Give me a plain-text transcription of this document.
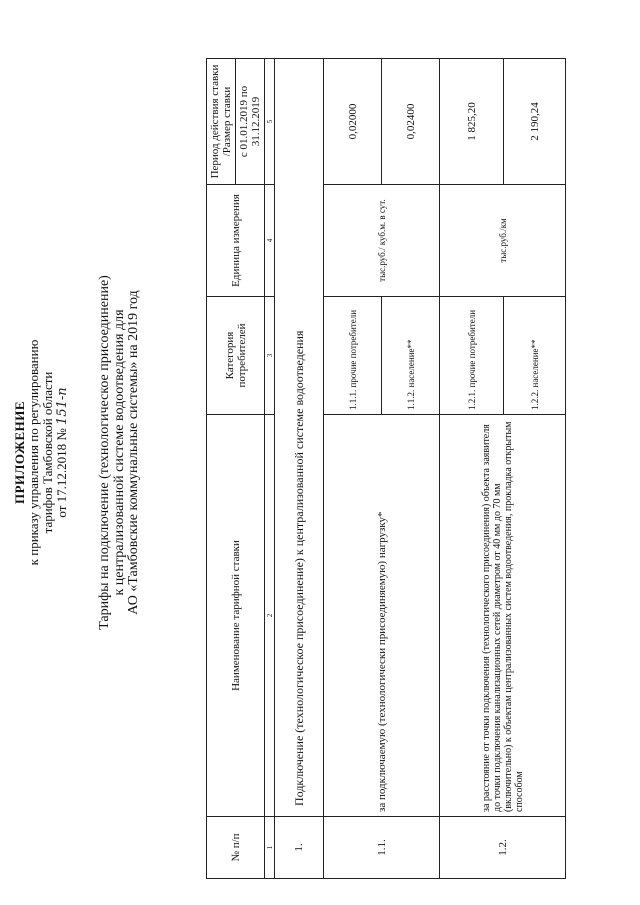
ПРИЛОЖЕНИЕ к приказу управления по регулированию тарифов Тамбовской области от 17.12.2018 № 151-п Тарифы на подключение (технологическое присоединение) к централизованной системе водоотведения для АО «Тамбовские коммунальные системы» на 2019 год
№ п/п	Наименование тарифной ставки	Категория потребителей	Единица измерения	Период действия ставки /Размер ставки
				с 01.01.2019 по 31.12.2019
1	2	3	4	5
1.	Подключение (технологическое присоединение) к централизованной системе водоотведения			
1.1.	за подключаемую (технологически присоединяемую) нагрузку*	1.1.1. прочие потребители	тыс.руб./ куб.м. в сут.	0,02000
		1.1.2. население**		0,02400
1.2.	за расстояние от точки подключения (технологического присоединения) объекта заявителя до точки подключения канализационных сетей диаметром от 40 мм до 70 мм (включительно) к объектам централизованных систем водоотведения, прокладка открытым способом	1.2.1. прочие потребители	тыс.руб./км	1 825,20
		1.2.2. население**		2 190,24
